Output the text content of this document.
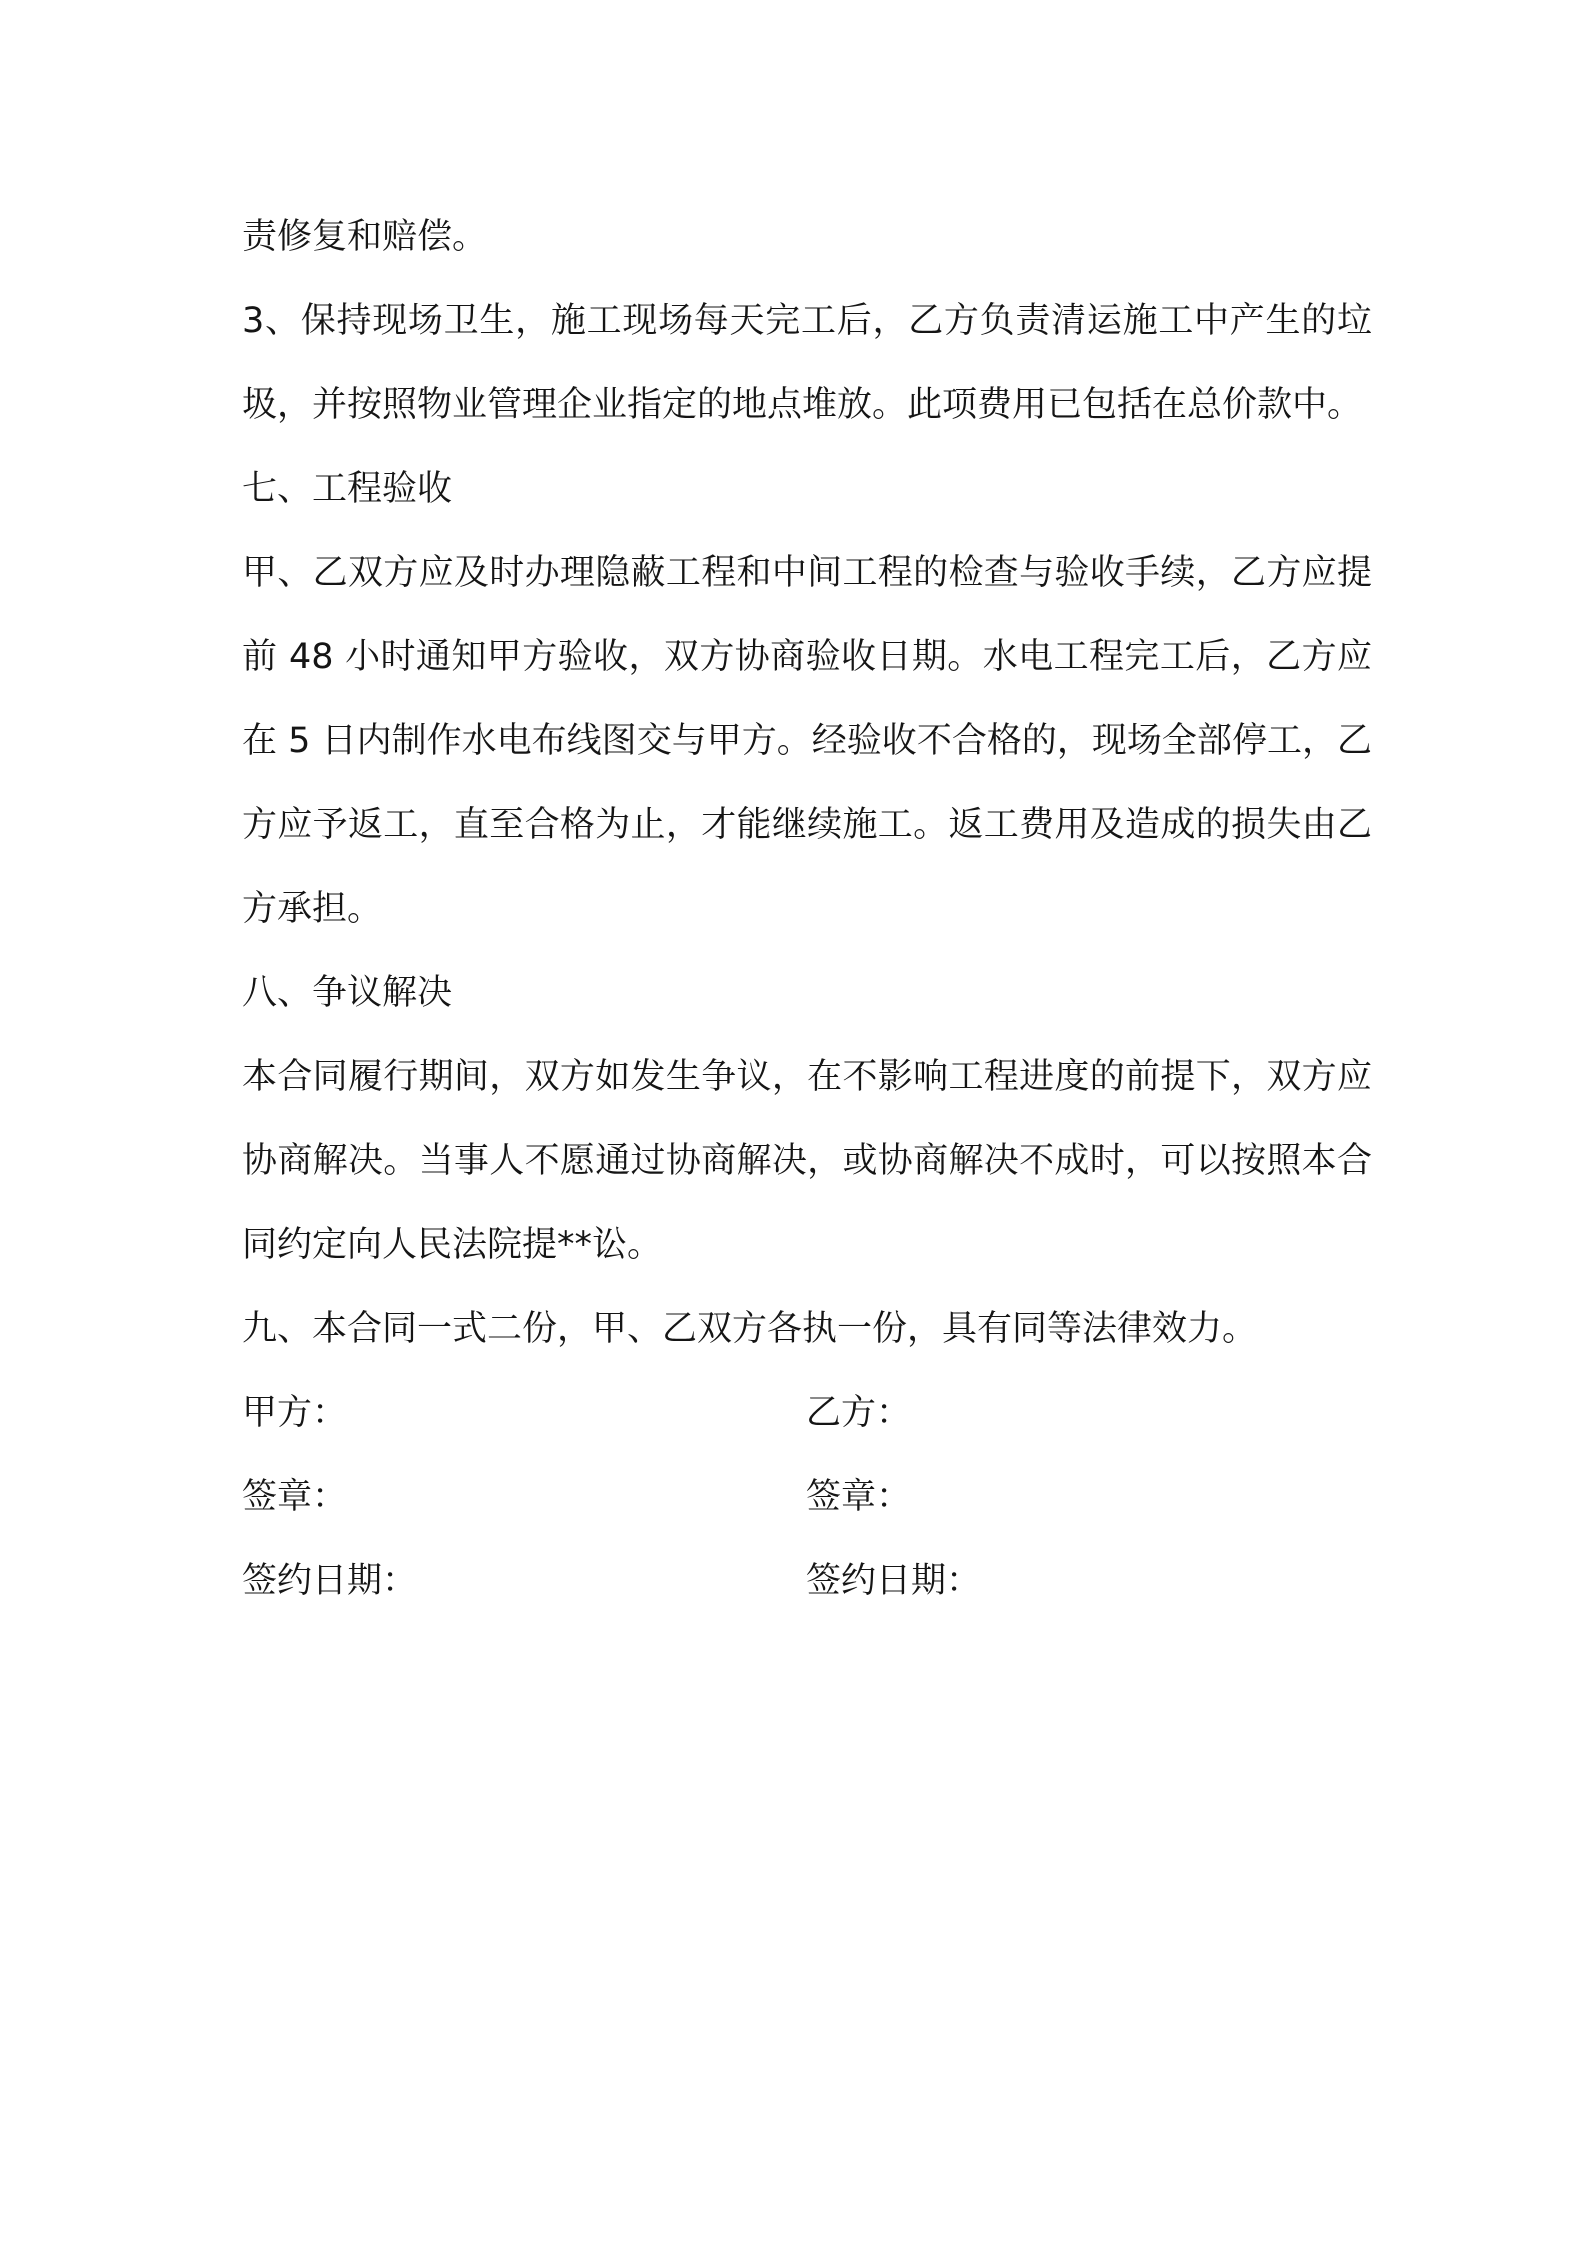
责修复和赔偿。

3、保持现场卫生，施工现场每天完工后，乙方负责清运施工中产生的垃圾，并按照物业管理企业指定的地点堆放。此项费用已包括在总价款中。

七、工程验收

甲、乙双方应及时办理隐蔽工程和中间工程的检查与验收手续，乙方应提前 48 小时通知甲方验收，双方协商验收日期。水电工程完工后，乙方应在 5 日内制作水电布线图交与甲方。经验收不合格的，现场全部停工，乙方应予返工，直至合格为止，才能继续施工。返工费用及造成的损失由乙方承担。

八、争议解决

本合同履行期间，双方如发生争议，在不影响工程进度的前提下，双方应协商解决。当事人不愿通过协商解决，或协商解决不成时，可以按照本合同约定向人民法院提**讼。

九、本合同一式二份，甲、乙双方各执一份，具有同等法律效力。

甲方：	乙方：
签章：	签章：
签约日期：	签约日期：
